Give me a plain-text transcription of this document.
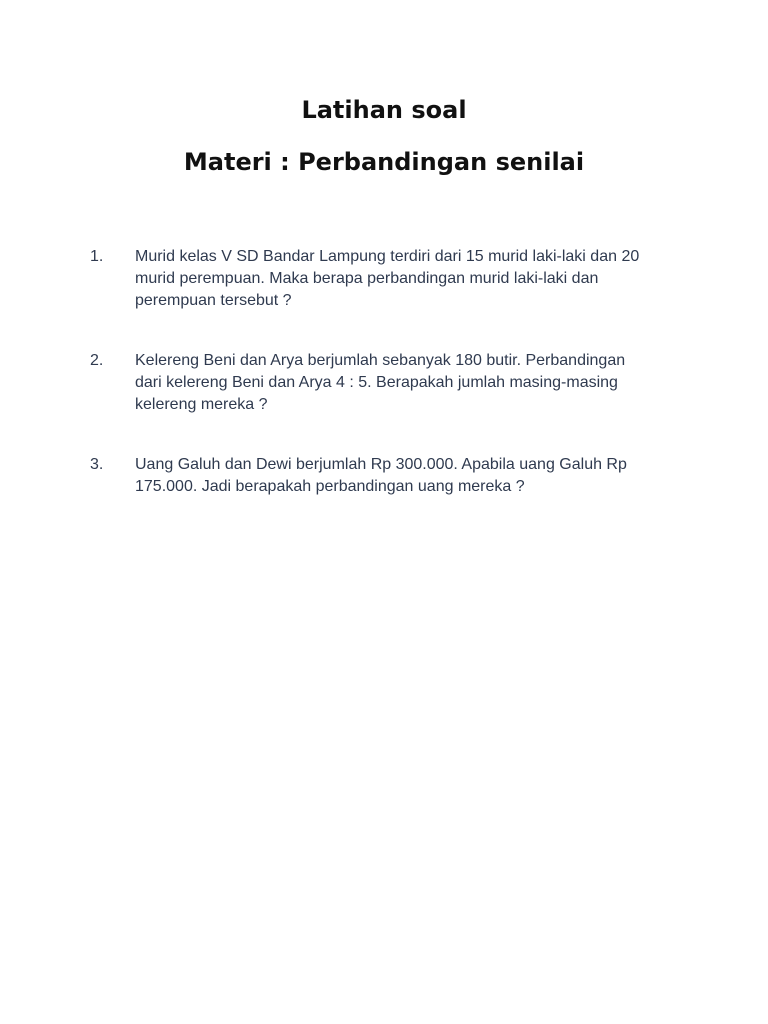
Latihan soal
Materi : Perbandingan senilai
1.	Murid kelas V SD Bandar Lampung terdiri dari 15 murid laki-laki dan 20 murid perempuan. Maka berapa perbandingan murid laki-laki dan perempuan tersebut ?
2.	Kelereng Beni dan Arya berjumlah sebanyak 180 butir. Perbandingan dari kelereng Beni dan Arya 4 : 5. Berapakah jumlah masing-masing kelereng mereka ?
3.	Uang Galuh dan Dewi berjumlah Rp 300.000. Apabila uang Galuh Rp 175.000. Jadi berapakah perbandingan uang mereka ?
